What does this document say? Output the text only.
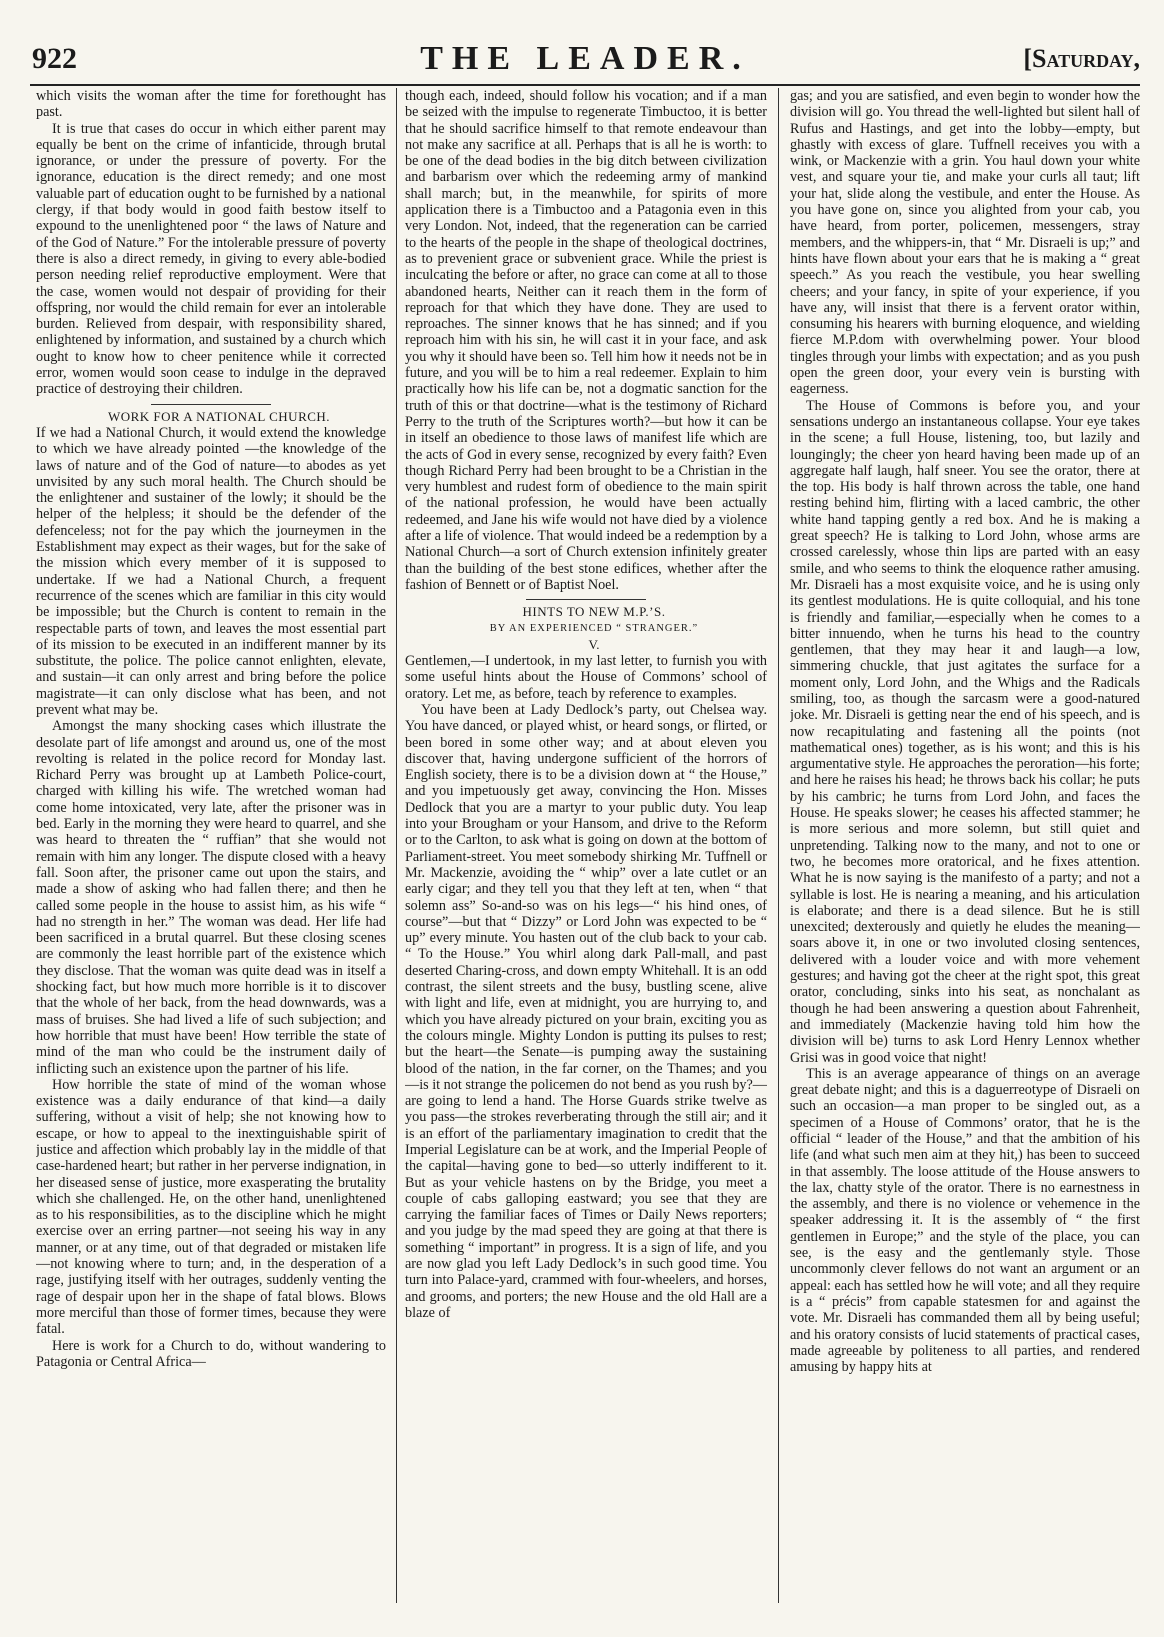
922	THE LEADER.	[Saturday,

which visits the woman after the time for forethought has past.

It is true that cases do occur in which either parent may equally be bent on the crime of infanticide, through brutal ignorance, or under the pressure of poverty. For the ignorance, education is the direct remedy; and one most valuable part of education ought to be furnished by a national clergy, if that body would in good faith bestow itself to expound to the unenlightened poor “ the laws of Nature and of the God of Nature.” For the intolerable pressure of poverty there is also a direct remedy, in giving to every able-bodied person needing relief reproductive employment. Were that the case, women would not despair of providing for their offspring, nor would the child remain for ever an intolerable burden. Relieved from despair, with responsibility shared, enlightened by information, and sustained by a church which ought to know how to cheer penitence while it corrected error, women would soon cease to indulge in the depraved practice of destroying their children.

WORK FOR A NATIONAL CHURCH.

If we had a National Church, it would extend the knowledge to which we have already pointed —the knowledge of the laws of nature and of the God of nature—to abodes as yet unvisited by any such moral health. The Church should be the enlightener and sustainer of the lowly; it should be the helper of the helpless; it should be the defender of the defenceless; not for the pay which the journeymen in the Establishment may expect as their wages, but for the sake of the mission which every member of it is supposed to undertake. If we had a National Church, a frequent recurrence of the scenes which are familiar in this city would be impossible; but the Church is content to remain in the respectable parts of town, and leaves the most essential part of its mission to be executed in an indifferent manner by its substitute, the police. The police cannot enlighten, elevate, and sustain—it can only arrest and bring before the police magistrate—it can only disclose what has been, and not prevent what may be.

Amongst the many shocking cases which illustrate the desolate part of life amongst and around us, one of the most revolting is related in the police record for Monday last. Richard Perry was brought up at Lambeth Police-court, charged with killing his wife. The wretched woman had come home intoxicated, very late, after the prisoner was in bed. Early in the morning they were heard to quarrel, and she was heard to threaten the “ ruffian” that she would not remain with him any longer. The dispute closed with a heavy fall. Soon after, the prisoner came out upon the stairs, and made a show of asking who had fallen there; and then he called some people in the house to assist him, as his wife “ had no strength in her.” The woman was dead. Her life had been sacrificed in a brutal quarrel. But these closing scenes are commonly the least horrible part of the existence which they disclose. That the woman was quite dead was in itself a shocking fact, but how much more horrible is it to discover that the whole of her back, from the head downwards, was a mass of bruises. She had lived a life of such subjection; and how horrible that must have been! How terrible the state of mind of the man who could be the instrument daily of inflicting such an existence upon the partner of his life.

How horrible the state of mind of the woman whose existence was a daily endurance of that kind—a daily suffering, without a visit of help; she not knowing how to escape, or how to appeal to the inextinguishable spirit of justice and affection which probably lay in the middle of that case-hardened heart; but rather in her perverse indignation, in her diseased sense of justice, more exasperating the brutality which she challenged. He, on the other hand, unenlightened as to his responsibilities, as to the discipline which he might exercise over an erring partner—not seeing his way in any manner, or at any time, out of that degraded or mistaken life—not knowing where to turn; and, in the desperation of a rage, justifying itself with her outrages, suddenly venting the rage of despair upon her in the shape of fatal blows. Blows more merciful than those of former times, because they were fatal.

Here is work for a Church to do, without wandering to Patagonia or Central Africa—

though each, indeed, should follow his vocation; and if a man be seized with the impulse to regenerate Timbuctoo, it is better that he should sacrifice himself to that remote endeavour than not make any sacrifice at all. Perhaps that is all he is worth: to be one of the dead bodies in the big ditch between civilization and barbarism over which the redeeming army of mankind shall march; but, in the meanwhile, for spirits of more application there is a Timbuctoo and a Patagonia even in this very London. Not, indeed, that the regeneration can be carried to the hearts of the people in the shape of theological doctrines, as to prevenient grace or subvenient grace. While the priest is inculcating the before or after, no grace can come at all to those abandoned hearts, Neither can it reach them in the form of reproach for that which they have done. They are used to reproaches. The sinner knows that he has sinned; and if you reproach him with his sin, he will cast it in your face, and ask you why it should have been so. Tell him how it needs not be in future, and you will be to him a real redeemer. Explain to him practically how his life can be, not a dogmatic sanction for the truth of this or that doctrine—what is the testimony of Richard Perry to the truth of the Scriptures worth?—but how it can be in itself an obedience to those laws of manifest life which are the acts of God in every sense, recognized by every faith? Even though Richard Perry had been brought to be a Christian in the very humblest and rudest form of obedience to the main spirit of the national profession, he would have been actually redeemed, and Jane his wife would not have died by a violence after a life of violence. That would indeed be a redemption by a National Church—a sort of Church extension infinitely greater than the building of the best stone edifices, whether after the fashion of Bennett or of Baptist Noel.

HINTS TO NEW M.P.’S.

BY AN EXPERIENCED “ STRANGER.”

V.

Gentlemen,—I undertook, in my last letter, to furnish you with some useful hints about the House of Commons’ school of oratory. Let me, as before, teach by reference to examples.

You have been at Lady Dedlock’s party, out Chelsea way. You have danced, or played whist, or heard songs, or flirted, or been bored in some other way; and at about eleven you discover that, having undergone sufficient of the horrors of English society, there is to be a division down at “ the House,” and you impetuously get away, convincing the Hon. Misses Dedlock that you are a martyr to your public duty. You leap into your Brougham or your Hansom, and drive to the Reform or to the Carlton, to ask what is going on down at the bottom of Parliament-street. You meet somebody shirking Mr. Tuffnell or Mr. Mackenzie, avoiding the “ whip” over a late cutlet or an early cigar; and they tell you that they left at ten, when “ that solemn ass” So-and-so was on his legs—“ his hind ones, of course”—but that “ Dizzy” or Lord John was expected to be “ up” every minute. You hasten out of the club back to your cab. “ To the House.” You whirl along dark Pall-mall, and past deserted Charing-cross, and down empty Whitehall. It is an odd contrast, the silent streets and the busy, bustling scene, alive with light and life, even at midnight, you are hurrying to, and which you have already pictured on your brain, exciting you as the colours mingle. Mighty London is putting its pulses to rest; but the heart—the Senate—is pumping away the sustaining blood of the nation, in the far corner, on the Thames; and you—is it not strange the policemen do not bend as you rush by?—are going to lend a hand. The Horse Guards strike twelve as you pass—the strokes reverberating through the still air; and it is an effort of the parliamentary imagination to credit that the Imperial Legislature can be at work, and the Imperial People of the capital—having gone to bed—so utterly indifferent to it. But as your vehicle hastens on by the Bridge, you meet a couple of cabs galloping eastward; you see that they are carrying the familiar faces of Times or Daily News reporters; and you judge by the mad speed they are going at that there is something “ important” in progress. It is a sign of life, and you are now glad you left Lady Dedlock’s in such good time. You turn into Palace-yard, crammed with four-wheelers, and horses, and grooms, and porters; the new House and the old Hall are a blaze of

gas; and you are satisfied, and even begin to wonder how the division will go. You thread the well-lighted but silent hall of Rufus and Hastings, and get into the lobby—empty, but ghastly with excess of glare. Tuffnell receives you with a wink, or Mackenzie with a grin. You haul down your white vest, and square your tie, and make your curls all taut; lift your hat, slide along the vestibule, and enter the House. As you have gone on, since you alighted from your cab, you have heard, from porter, policemen, messengers, stray members, and the whippers-in, that “ Mr. Disraeli is up;” and hints have flown about your ears that he is making a “ great speech.” As you reach the vestibule, you hear swelling cheers; and your fancy, in spite of your experience, if you have any, will insist that there is a fervent orator within, consuming his hearers with burning eloquence, and wielding fierce M.P.dom with overwhelming power. Your blood tingles through your limbs with expectation; and as you push open the green door, your every vein is bursting with eagerness.

The House of Commons is before you, and your sensations undergo an instantaneous collapse. Your eye takes in the scene; a full House, listening, too, but lazily and loungingly; the cheer yon heard having been made up of an aggregate half laugh, half sneer. You see the orator, there at the top. His body is half thrown across the table, one hand resting behind him, flirting with a laced cambric, the other white hand tapping gently a red box. And he is making a great speech? He is talking to Lord John, whose arms are crossed carelessly, whose thin lips are parted with an easy smile, and who seems to think the eloquence rather amusing. Mr. Disraeli has a most exquisite voice, and he is using only its gentlest modulations. He is quite colloquial, and his tone is friendly and familiar,—especially when he comes to a bitter innuendo, when he turns his head to the country gentlemen, that they may hear it and laugh—a low, simmering chuckle, that just agitates the surface for a moment only, Lord John, and the Whigs and the Radicals smiling, too, as though the sarcasm were a good-natured joke. Mr. Disraeli is getting near the end of his speech, and is now recapitulating and fastening all the points (not mathematical ones) together, as is his wont; and this is his argumentative style. He approaches the peroration—his forte; and here he raises his head; he throws back his collar; he puts by his cambric; he turns from Lord John, and faces the House. He speaks slower; he ceases his affected stammer; he is more serious and more solemn, but still quiet and unpretending. Talking now to the many, and not to one or two, he becomes more oratorical, and he fixes attention. What he is now saying is the manifesto of a party; and not a syllable is lost. He is nearing a meaning, and his articulation is elaborate; and there is a dead silence. But he is still unexcited; dexterously and quietly he eludes the meaning—soars above it, in one or two involuted closing sentences, delivered with a louder voice and with more vehement gestures; and having got the cheer at the right spot, this great orator, concluding, sinks into his seat, as nonchalant as though he had been answering a question about Fahrenheit, and immediately (Mackenzie having told him how the division will be) turns to ask Lord Henry Lennox whether Grisi was in good voice that night!

This is an average appearance of things on an average great debate night; and this is a daguerreotype of Disraeli on such an occasion—a man proper to be singled out, as a specimen of a House of Commons’ orator, that he is the official “ leader of the House,” and that the ambition of his life (and what such men aim at they hit,) has been to succeed in that assembly. The loose attitude of the House answers to the lax, chatty style of the orator. There is no earnestness in the assembly, and there is no violence or vehemence in the speaker addressing it. It is the assembly of “ the first gentlemen in Europe;” and the style of the place, you can see, is the easy and the gentlemanly style. Those uncommonly clever fellows do not want an argument or an appeal: each has settled how he will vote; and all they require is a “ précis” from capable statesmen for and against the vote. Mr. Disraeli has commanded them all by being useful; and his oratory consists of lucid statements of practical cases, made agreeable by politeness to all parties, and rendered amusing by happy hits at
